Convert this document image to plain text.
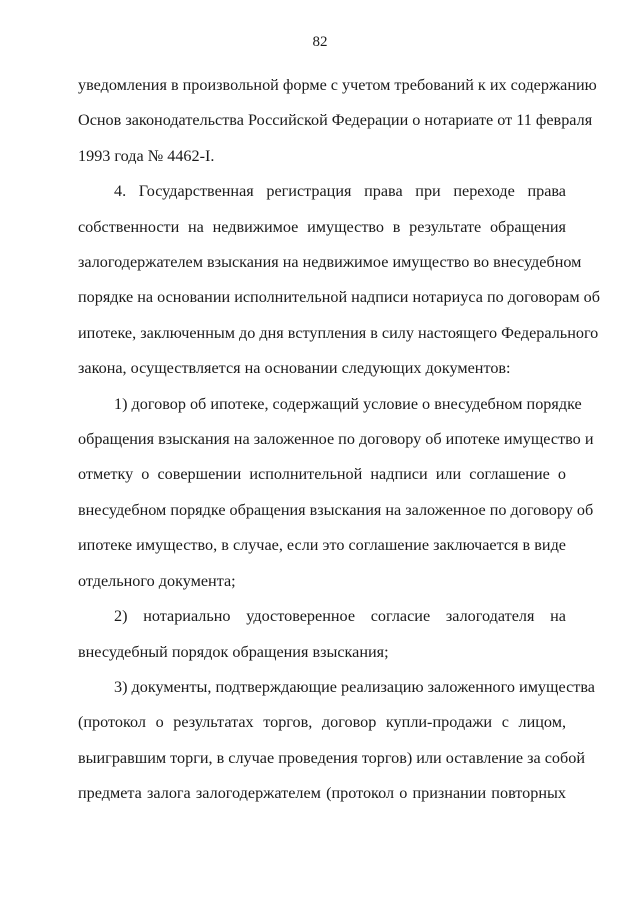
82
уведомления в произвольной форме с учетом требований к их содержанию
Основ законодательства Российской Федерации о нотариате от 11 февраля
1993 года № 4462-I.
4. Государственная регистрация права при переходе права
собственности на недвижимое имущество в результате обращения
залогодержателем взыскания на недвижимое имущество во внесудебном
порядке на основании исполнительной надписи нотариуса по договорам об
ипотеке, заключенным до дня вступления в силу настоящего Федерального
закона, осуществляется на основании следующих документов:
1) договор об ипотеке, содержащий условие о внесудебном порядке
обращения взыскания на заложенное по договору об ипотеке имущество и
отметку о совершении исполнительной надписи или соглашение о
внесудебном порядке обращения взыскания на заложенное по договору об
ипотеке имущество, в случае, если это соглашение заключается в виде
отдельного документа;
2) нотариально удостоверенное согласие залогодателя на
внесудебный порядок обращения взыскания;
3) документы, подтверждающие реализацию заложенного имущества
(протокол о результатах торгов, договор купли-продажи с лицом,
выигравшим торги, в случае проведения торгов) или оставление за собой
предмета залога залогодержателем (протокол о признании повторных
